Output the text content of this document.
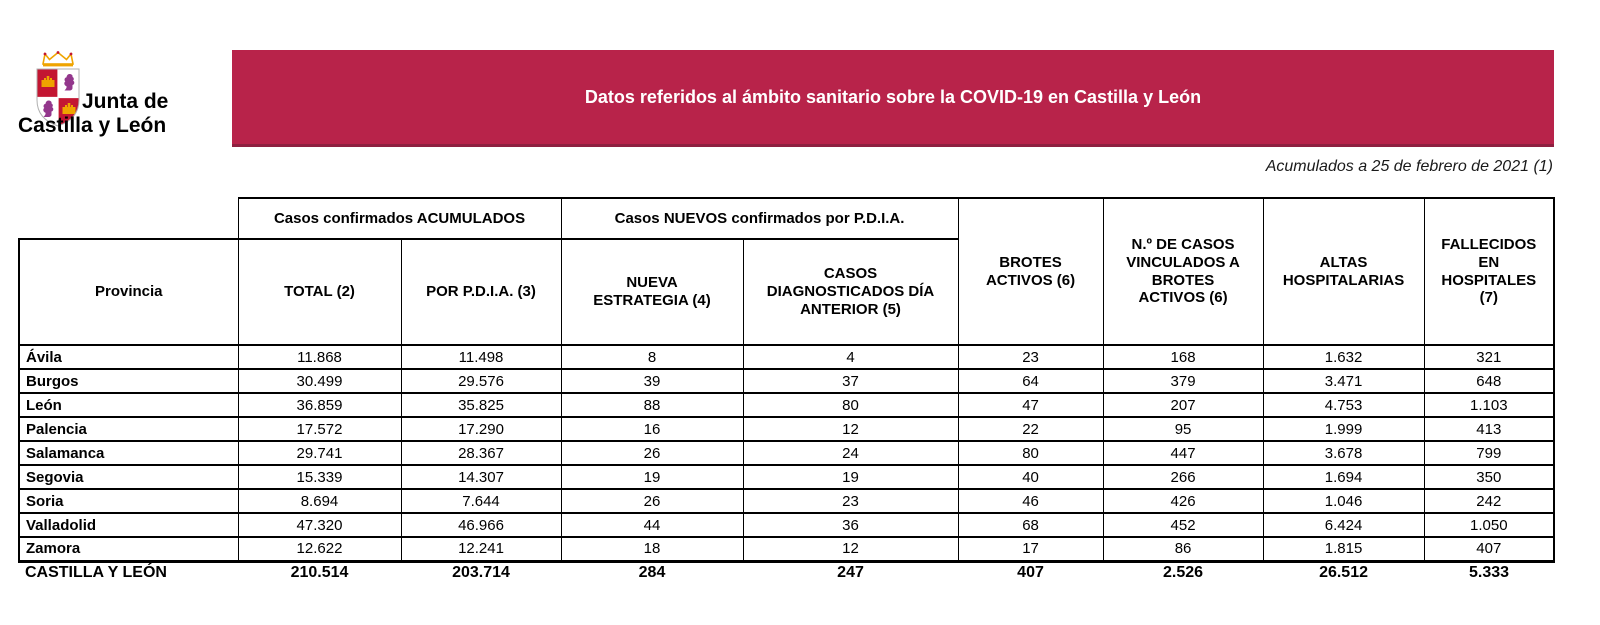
Junta de
Castilla y León
Datos referidos al ámbito sanitario sobre la COVID-19 en Castilla y León
Acumulados a 25 de febrero de 2021 (1)
	Casos confirmados ACUMULADOS		Casos NUEVOS confirmados por P.D.I.A.		BROTES ACTIVOS (6)	N.º DE CASOS VINCULADOS A BROTES ACTIVOS (6)	ALTAS HOSPITALARIAS	FALLECIDOS EN HOSPITALES (7)
Provincia	TOTAL (2)	POR P.D.I.A. (3)	NUEVA ESTRATEGIA (4)	CASOS DIAGNOSTICADOS DÍA ANTERIOR (5)				
Ávila	11.868	11.498	8	4	23	168	1.632	321
Burgos	30.499	29.576	39	37	64	379	3.471	648
León	36.859	35.825	88	80	47	207	4.753	1.103
Palencia	17.572	17.290	16	12	22	95	1.999	413
Salamanca	29.741	28.367	26	24	80	447	3.678	799
Segovia	15.339	14.307	19	19	40	266	1.694	350
Soria	8.694	7.644	26	23	46	426	1.046	242
Valladolid	47.320	46.966	44	36	68	452	6.424	1.050
Zamora	12.622	12.241	18	12	17	86	1.815	407
CASTILLA Y LEÓN	210.514	203.714	284	247	407	2.526	26.512	5.333
